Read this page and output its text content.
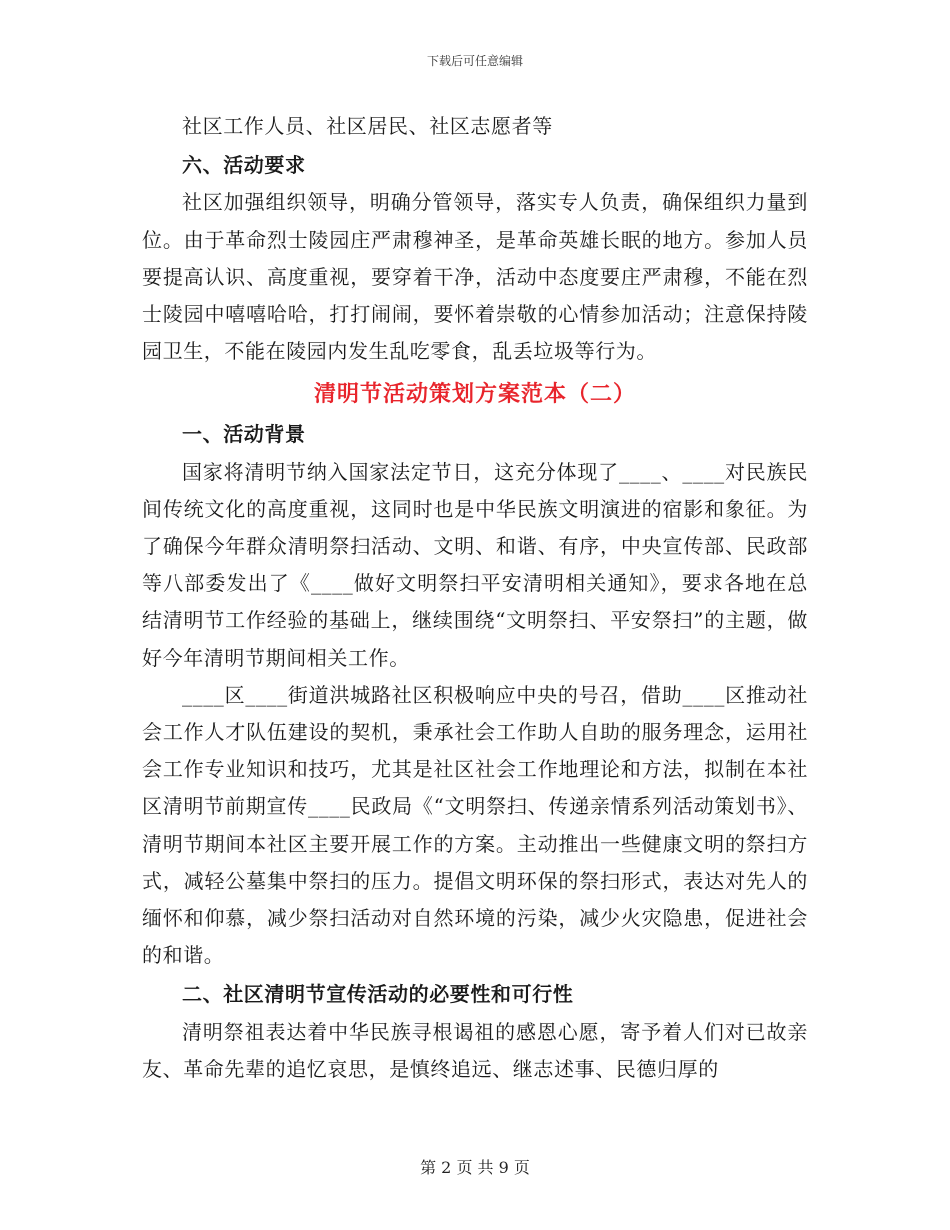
下载后可任意编辑

社区工作人员、社区居民、社区志愿者等

六、活动要求

社区加强组织领导，明确分管领导，落实专人负责，确保组织力量到位。由于革命烈士陵园庄严肃穆神圣，是革命英雄长眠的地方。参加人员要提高认识、高度重视，要穿着干净，活动中态度要庄严肃穆，不能在烈士陵园中嘻嘻哈哈，打打闹闹，要怀着崇敬的心情参加活动；注意保持陵园卫生，不能在陵园内发生乱吃零食，乱丢垃圾等行为。

清明节活动策划方案范本（二）

一、活动背景

国家将清明节纳入国家法定节日，这充分体现了____、____对民族民间传统文化的高度重视，这同时也是中华民族文明演进的宿影和象征。为了确保今年群众清明祭扫活动、文明、和谐、有序，中央宣传部、民政部等八部委发出了《____做好文明祭扫平安清明相关通知》，要求各地在总结清明节工作经验的基础上，继续围绕“文明祭扫、平安祭扫”的主题，做好今年清明节期间相关工作。

____区____街道洪城路社区积极响应中央的号召，借助____区推动社会工作人才队伍建设的契机，秉承社会工作助人自助的服务理念，运用社会工作专业知识和技巧，尤其是社区社会工作地理论和方法，拟制在本社区清明节前期宣传____民政局《“文明祭扫、传递亲情系列活动策划书》、清明节期间本社区主要开展工作的方案。主动推出一些健康文明的祭扫方式，减轻公墓集中祭扫的压力。提倡文明环保的祭扫形式，表达对先人的缅怀和仰慕，减少祭扫活动对自然环境的污染，减少火灾隐患，促进社会的和谐。

二、社区清明节宣传活动的必要性和可行性

清明祭祖表达着中华民族寻根谒祖的感恩心愿，寄予着人们对已故亲友、革命先辈的追忆哀思，是慎终追远、继志述事、民德归厚的

第 2 页 共 9 页
